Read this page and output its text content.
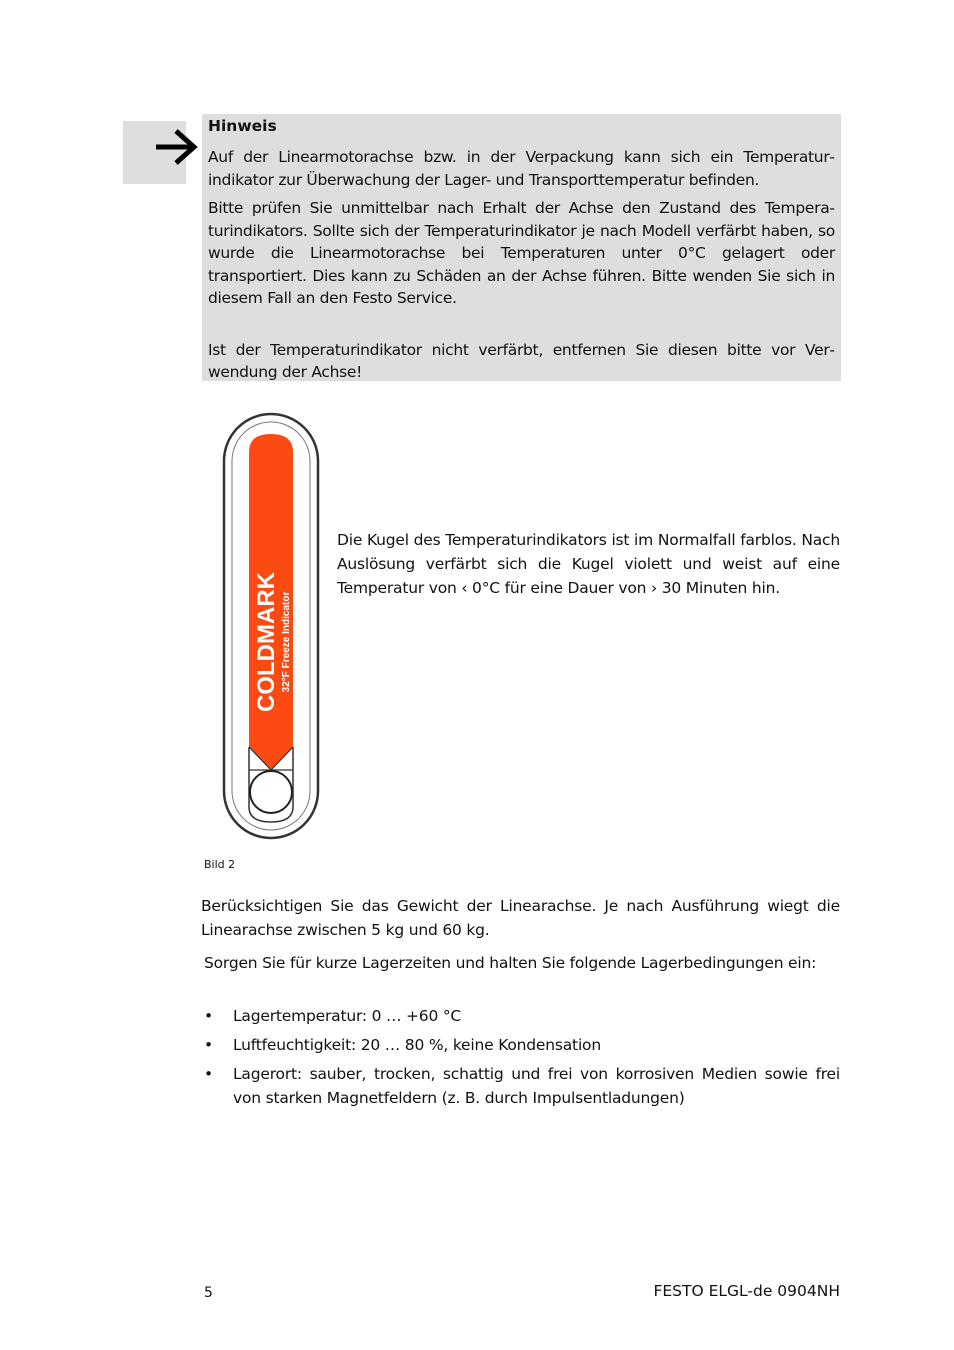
Hinweis

Auf der Linearmotorachse bzw. in der Verpackung kann sich ein Temperaturindikator zur Überwachung der Lager- und Transporttemperatur befinden.

Bitte prüfen Sie unmittelbar nach Erhalt der Achse den Zustand des Temperaturindikators. Sollte sich der Temperaturindikator je nach Modell verfärbt haben, so wurde die Linearmotorachse bei Temperaturen unter 0°C gelagert oder transportiert. Dies kann zu Schäden an der Achse führen. Bitte wenden Sie sich in diesem Fall an den Festo Service.

Ist der Temperaturindikator nicht verfärbt, entfernen Sie diesen bitte vor Verwendung der Achse!

COLDMARK 32°F Freeze Indicator

Die Kugel des Temperaturindikators ist im Normalfall farblos. Nach Auslösung verfärbt sich die Kugel violett und weist auf eine Temperatur von ‹ 0°C für eine Dauer von › 30 Minuten hin.

Bild 2

Berücksichtigen Sie das Gewicht der Linearachse. Je nach Ausführung wiegt die Linearachse zwischen 5 kg und 60 kg.

Sorgen Sie für kurze Lagerzeiten und halten Sie folgende Lagerbedingungen ein:

• Lagertemperatur: 0 … +60 °C
• Luftfeuchtigkeit: 20 … 80 %, keine Kondensation
• Lagerort: sauber, trocken, schattig und frei von korrosiven Medien sowie frei von starken Magnetfeldern (z. B. durch Impulsentladungen)
5	FESTO ELGL-de 0904NH
